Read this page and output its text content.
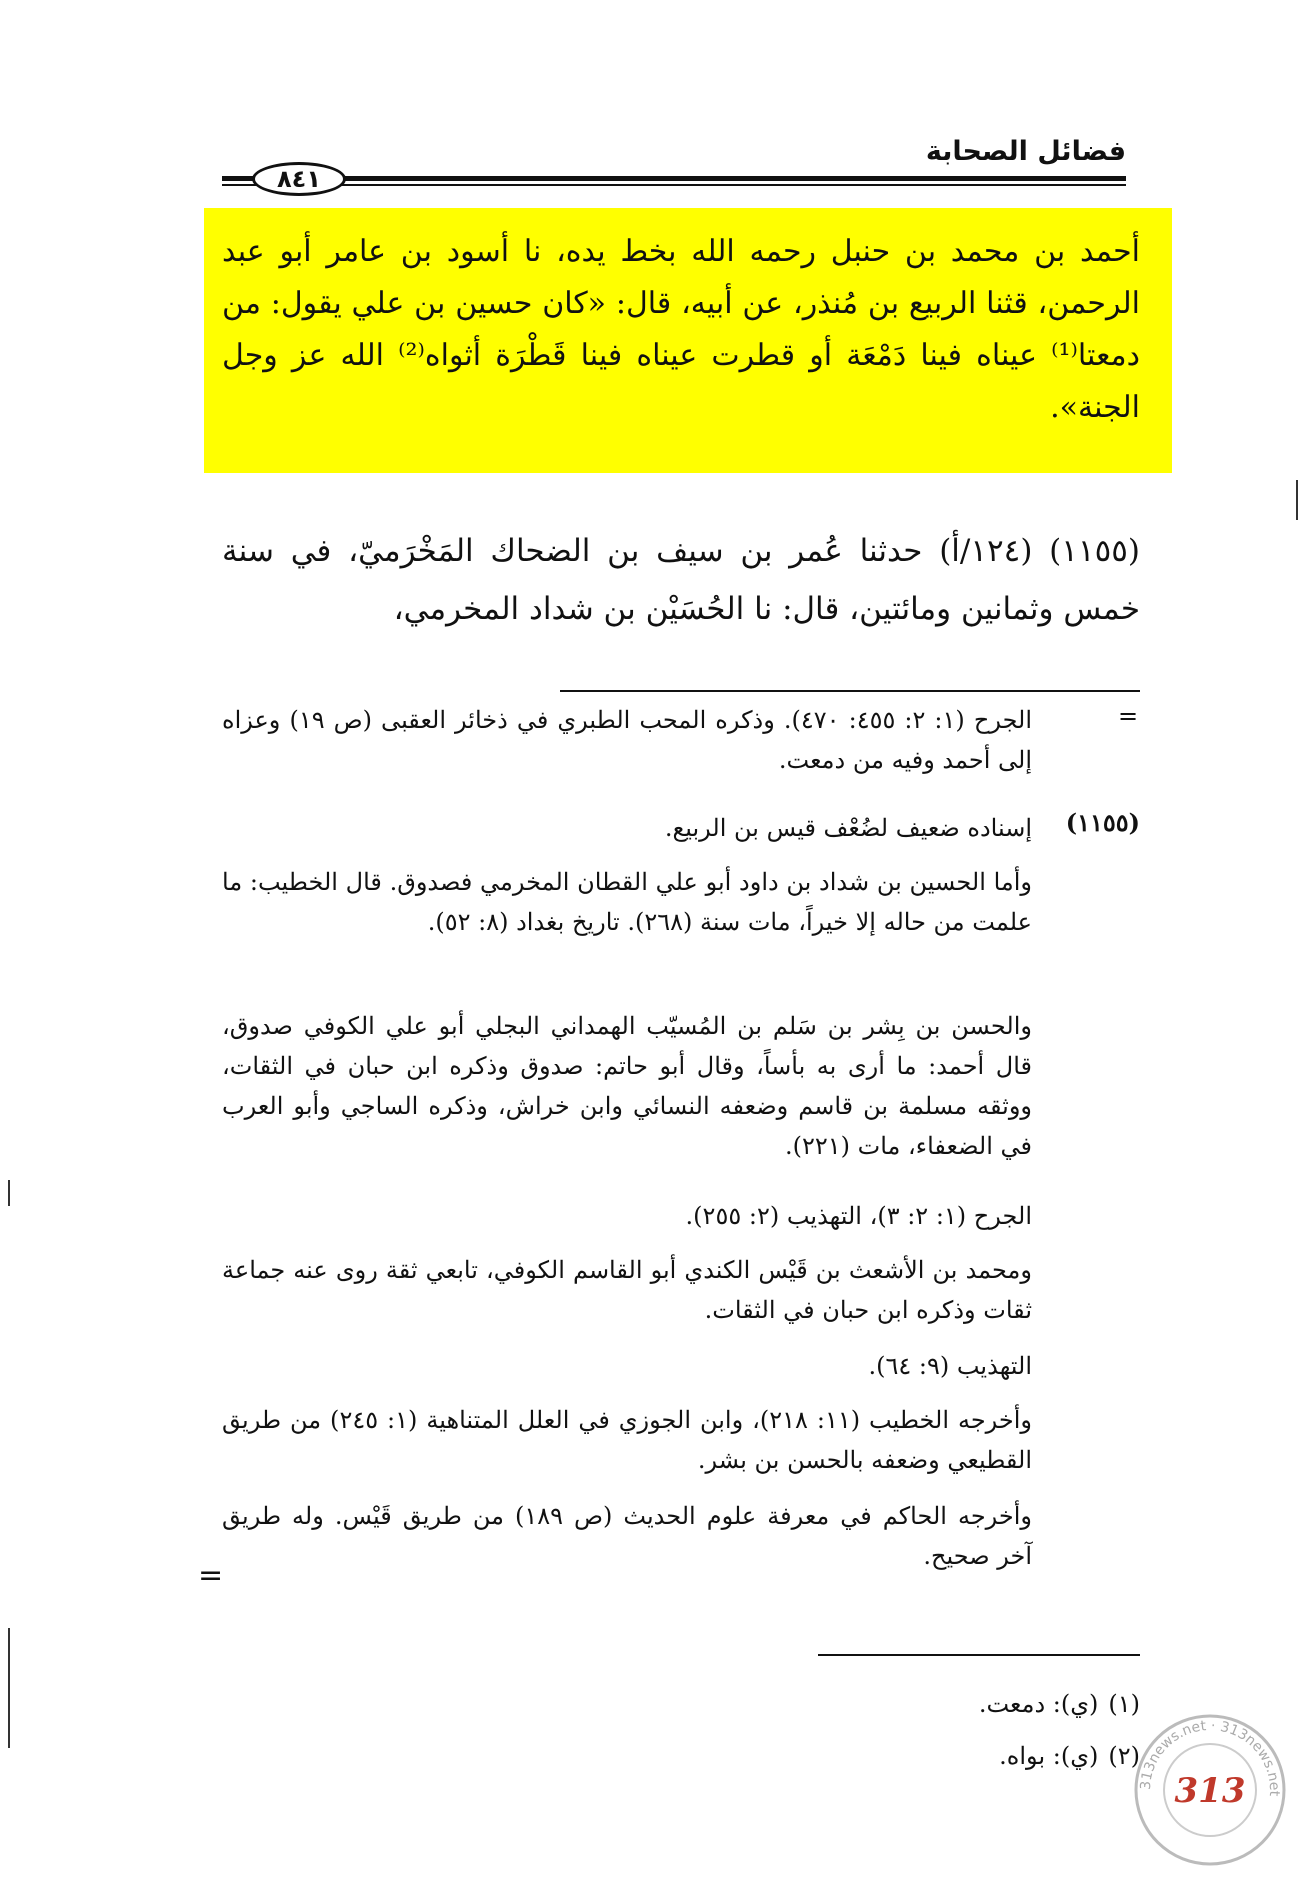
فضائل الصحابة
٨٤١
أحمد بن محمد بن حنبل رحمه الله بخط يده، نا أسود بن عامر أبو عبد الرحمن، قثنا الربيع بن مُنذر، عن أبيه، قال: «كان حسين بن علي يقول: من دمعتا⁽¹⁾ عيناه فينا دَمْعَة أو قطرت عيناه فينا قَطْرَة أثواه⁽²⁾ الله عز وجل الجنة».
(١١٥٥) (١٢٤/أ) حدثنا عُمر بن سيف بن الضحاك المَخْرَميّ، في سنة خمس وثمانين ومائتين، قال: نا الحُسَيْن بن شداد المخرمي،
=
الجرح (١: ٢: ٤٥٥: ٤٧٠). وذكره المحب الطبري في ذخائر العقبى (ص ١٩) وعزاه إلى أحمد وفيه من دمعت.
(١١٥٥)
إسناده ضعيف لضُعْف قيس بن الربيع.
وأما الحسين بن شداد بن داود أبو علي القطان المخرمي فصدوق. قال الخطيب: ما علمت من حاله إلا خيراً، مات سنة (٢٦٨). تاريخ بغداد (٨: ٥٢).
والحسن بن بِشر بن سَلم بن المُسيّب الهمداني البجلي أبو علي الكوفي صدوق، قال أحمد: ما أرى به بأساً، وقال أبو حاتم: صدوق وذكره ابن حبان في الثقات، ووثقه مسلمة بن قاسم وضعفه النسائي وابن خراش، وذكره الساجي وأبو العرب في الضعفاء، مات (٢٢١).
الجرح (١: ٢: ٣)، التهذيب (٢: ٢٥٥).
ومحمد بن الأشعث بن قَيْس الكندي أبو القاسم الكوفي، تابعي ثقة روى عنه جماعة ثقات وذكره ابن حبان في الثقات.
التهذيب (٩: ٦٤).
وأخرجه الخطيب (١١: ٢١٨)، وابن الجوزي في العلل المتناهية (١: ٢٤٥) من طريق القطيعي وضعفه بالحسن بن بشر.
وأخرجه الحاكم في معرفة علوم الحديث (ص ١٨٩) من طريق قَيْس. وله طريق آخر صحيح.
=
(١)(ي): دمعت.
(٢)(ي): بواه.
313news.net · 313news.net
313
